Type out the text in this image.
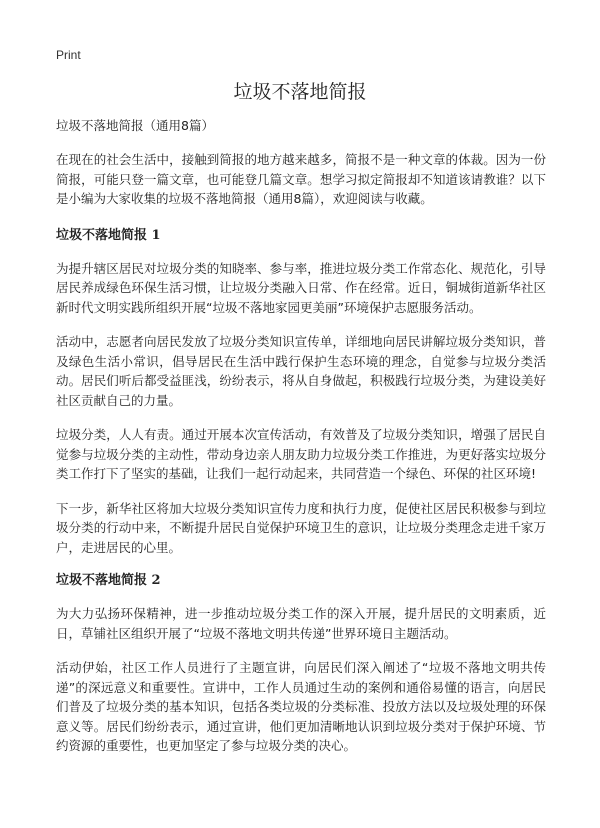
Print
垃圾不落地简报

垃圾不落地简报（通用8篇）

在现在的社会生活中，接触到简报的地方越来越多，简报不是一种文章的体裁。因为一份简报，可能只登一篇文章，也可能登几篇文章。想学习拟定简报却不知道该请教谁？以下是小编为大家收集的垃圾不落地简报（通用8篇），欢迎阅读与收藏。

垃圾不落地简报 1

为提升辖区居民对垃圾分类的知晓率、参与率，推进垃圾分类工作常态化、规范化，引导居民养成绿色环保生活习惯，让垃圾分类融入日常、作在经常。近日，铜城街道新华社区新时代文明实践所组织开展“垃圾不落地家园更美丽”环境保护志愿服务活动。

活动中，志愿者向居民发放了垃圾分类知识宣传单，详细地向居民讲解垃圾分类知识，普及绿色生活小常识，倡导居民在生活中践行保护生态环境的理念，自觉参与垃圾分类活动。居民们听后都受益匪浅，纷纷表示，将从自身做起，积极践行垃圾分类，为建设美好社区贡献自己的力量。

垃圾分类，人人有责。通过开展本次宣传活动，有效普及了垃圾分类知识，增强了居民自觉参与垃圾分类的主动性，带动身边亲人朋友助力垃圾分类工作推进，为更好落实垃圾分类工作打下了坚实的基础，让我们一起行动起来，共同营造一个绿色、环保的社区环境!

下一步，新华社区将加大垃圾分类知识宣传力度和执行力度，促使社区居民积极参与到垃圾分类的行动中来，不断提升居民自觉保护环境卫生的意识，让垃圾分类理念走进千家万户，走进居民的心里。

垃圾不落地简报 2

为大力弘扬环保精神，进一步推动垃圾分类工作的深入开展，提升居民的文明素质，近日，草铺社区组织开展了“垃圾不落地文明共传递”世界环境日主题活动。

活动伊始，社区工作人员进行了主题宣讲，向居民们深入阐述了“垃圾不落地文明共传递”的深远意义和重要性。宣讲中，工作人员通过生动的案例和通俗易懂的语言，向居民们普及了垃圾分类的基本知识，包括各类垃圾的分类标准、投放方法以及垃圾处理的环保意义等。居民们纷纷表示，通过宣讲，他们更加清晰地认识到垃圾分类对于保护环境、节约资源的重要性，也更加坚定了参与垃圾分类的决心。
